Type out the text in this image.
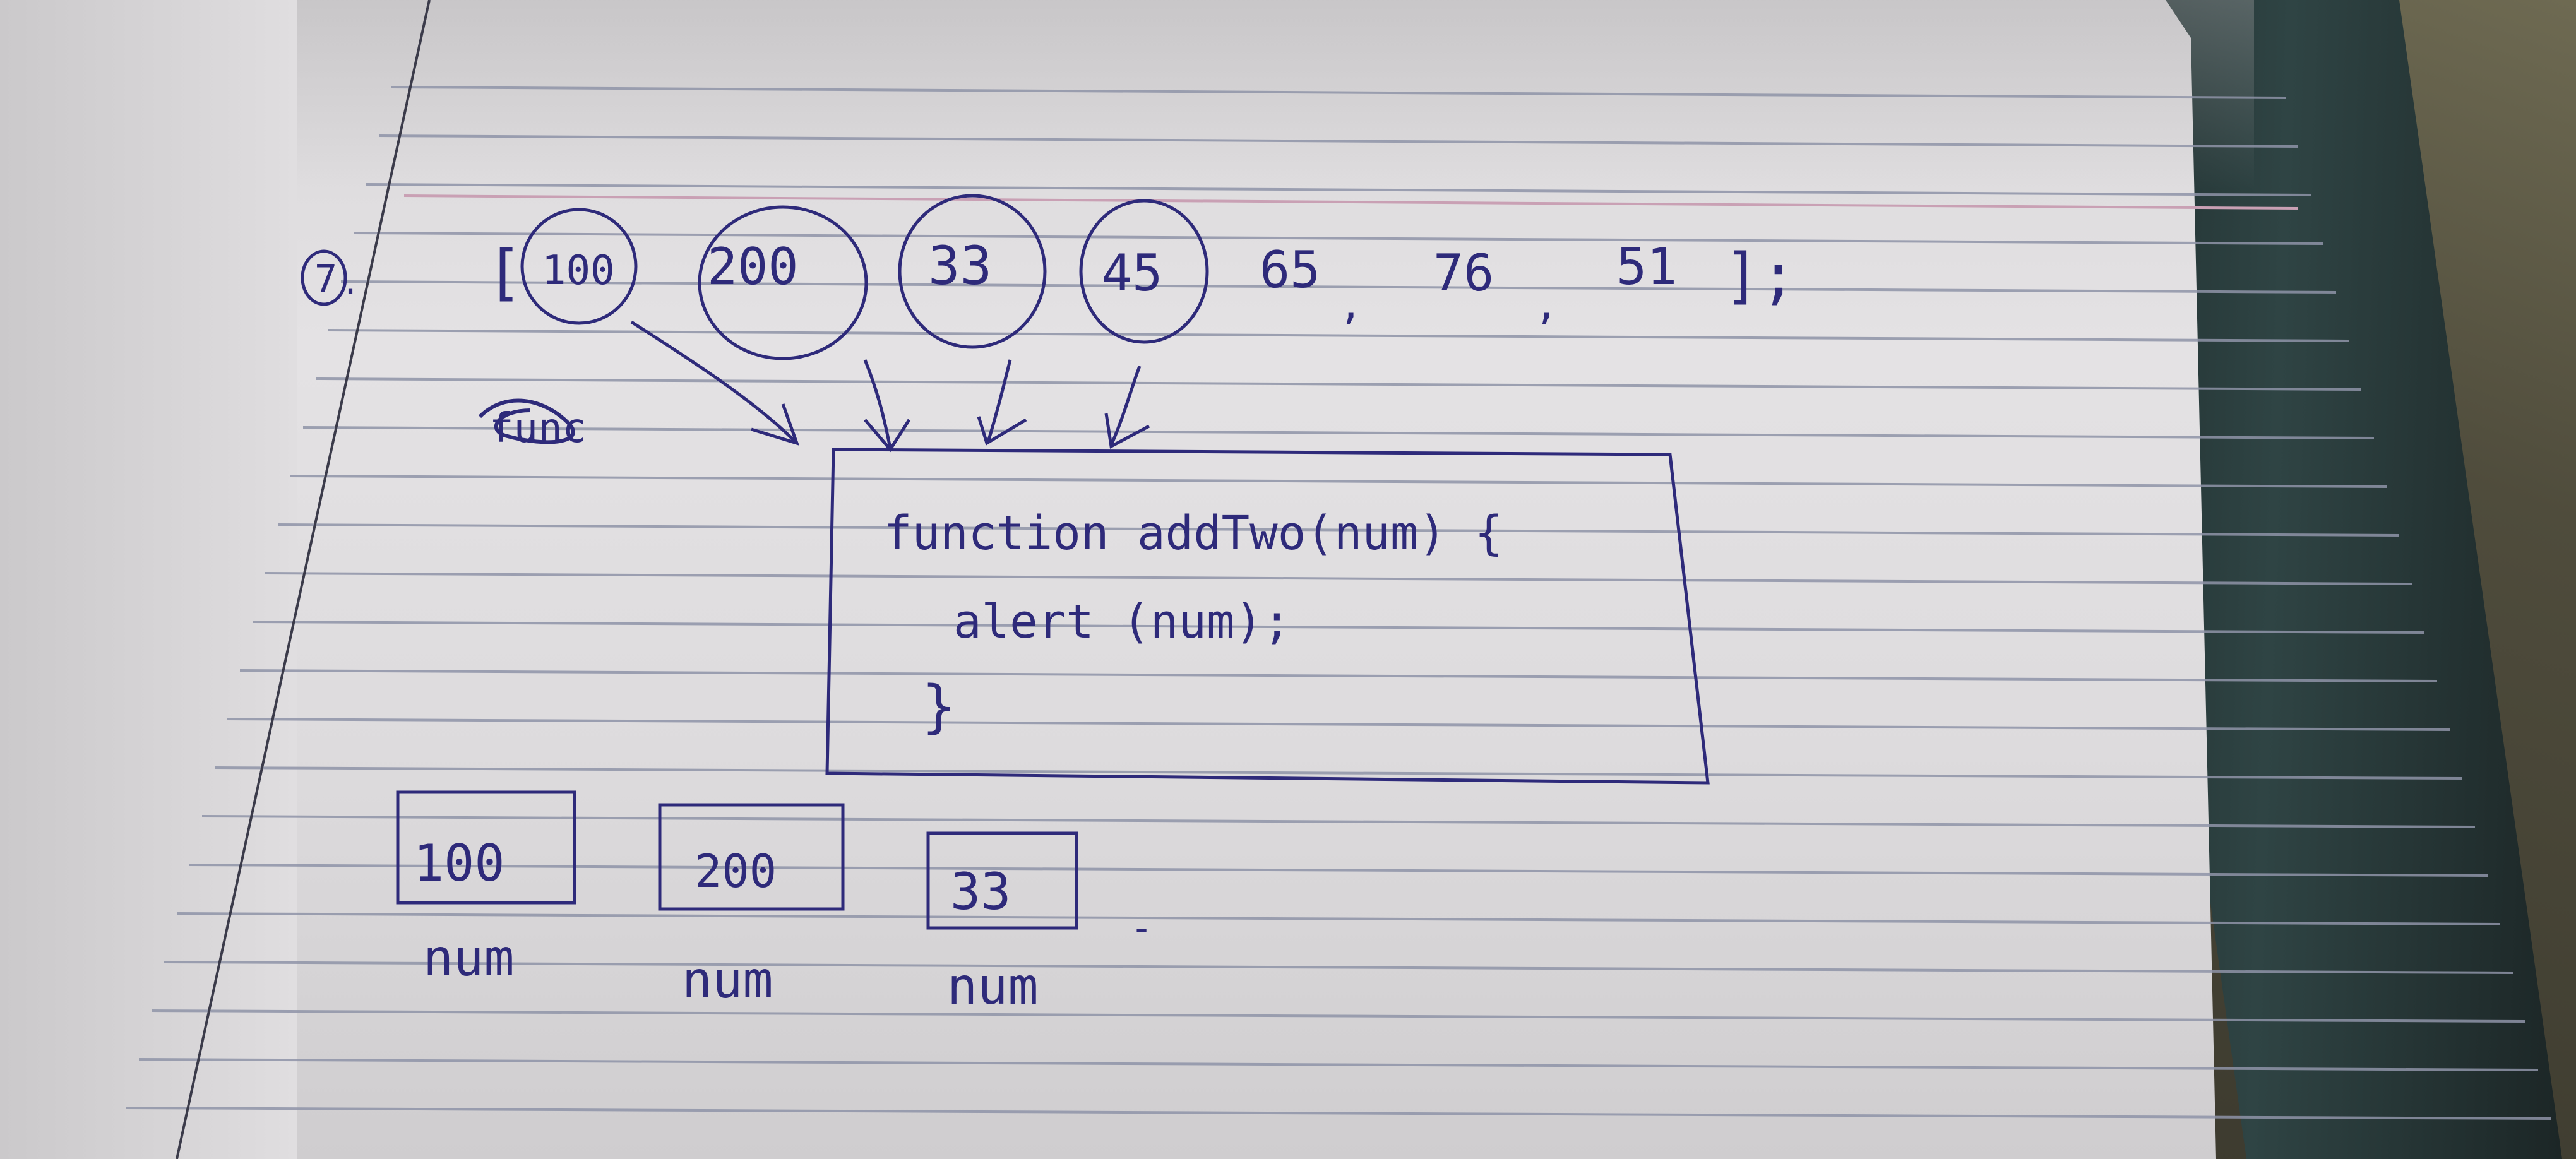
7 . [ 100 200 33 45 65
,
76
,
51 ];
func
function addTwo(num) {
alert (num);
}
100
num
200
num
33
num
-
